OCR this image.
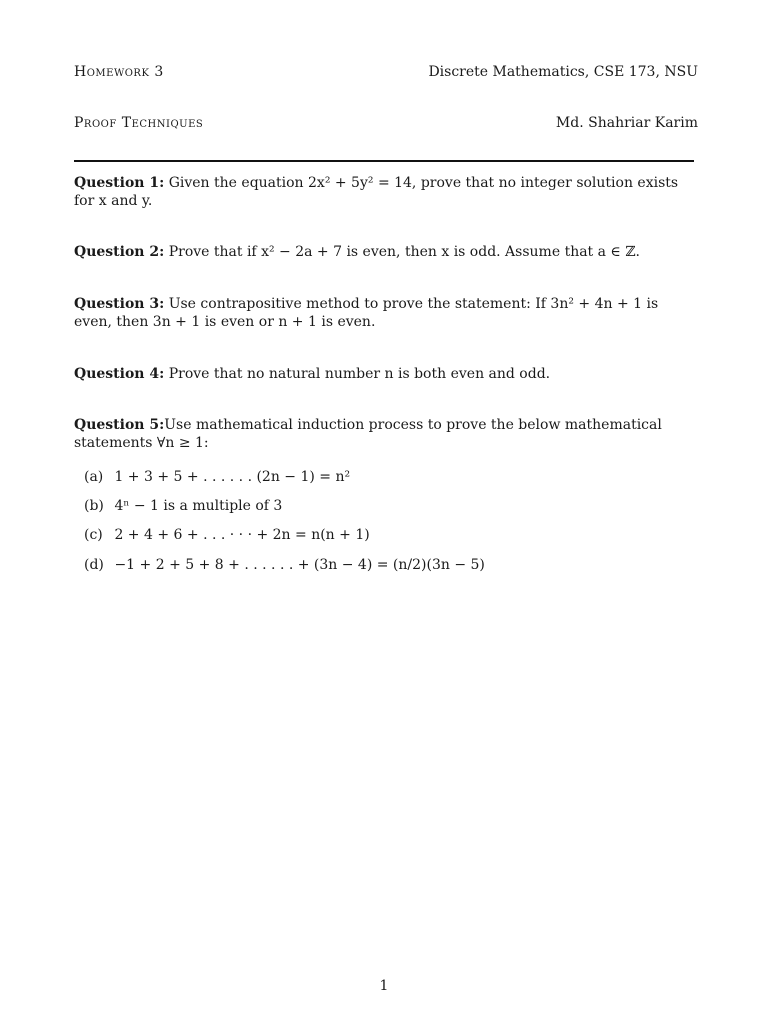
Homework 3	Discrete Mathematics, CSE 173, NSU
Proof Techniques	Md. Shahriar Karim
Question 1: Given the equation 2x² + 5y² = 14, prove that no integer solution exists for x and y.
Question 2: Prove that if x² − 2a + 7 is even, then x is odd. Assume that a ∈ ℤ.
Question 3: Use contrapositive method to prove the statement: If 3n² + 4n + 1 is even, then 3n + 1 is even or n + 1 is even.
Question 4: Prove that no natural number n is both even and odd.
Question 5:Use mathematical induction process to prove the below mathematical statements ∀n ≥ 1:
(a) 1 + 3 + 5 + . . . . . . (2n − 1) = n²
(b) 4ⁿ − 1 is a multiple of 3
(c) 2 + 4 + 6 + . . . · · · + 2n = n(n + 1)
(d) −1 + 2 + 5 + 8 + . . . . . . + (3n − 4) = (n/2)(3n − 5)
1
